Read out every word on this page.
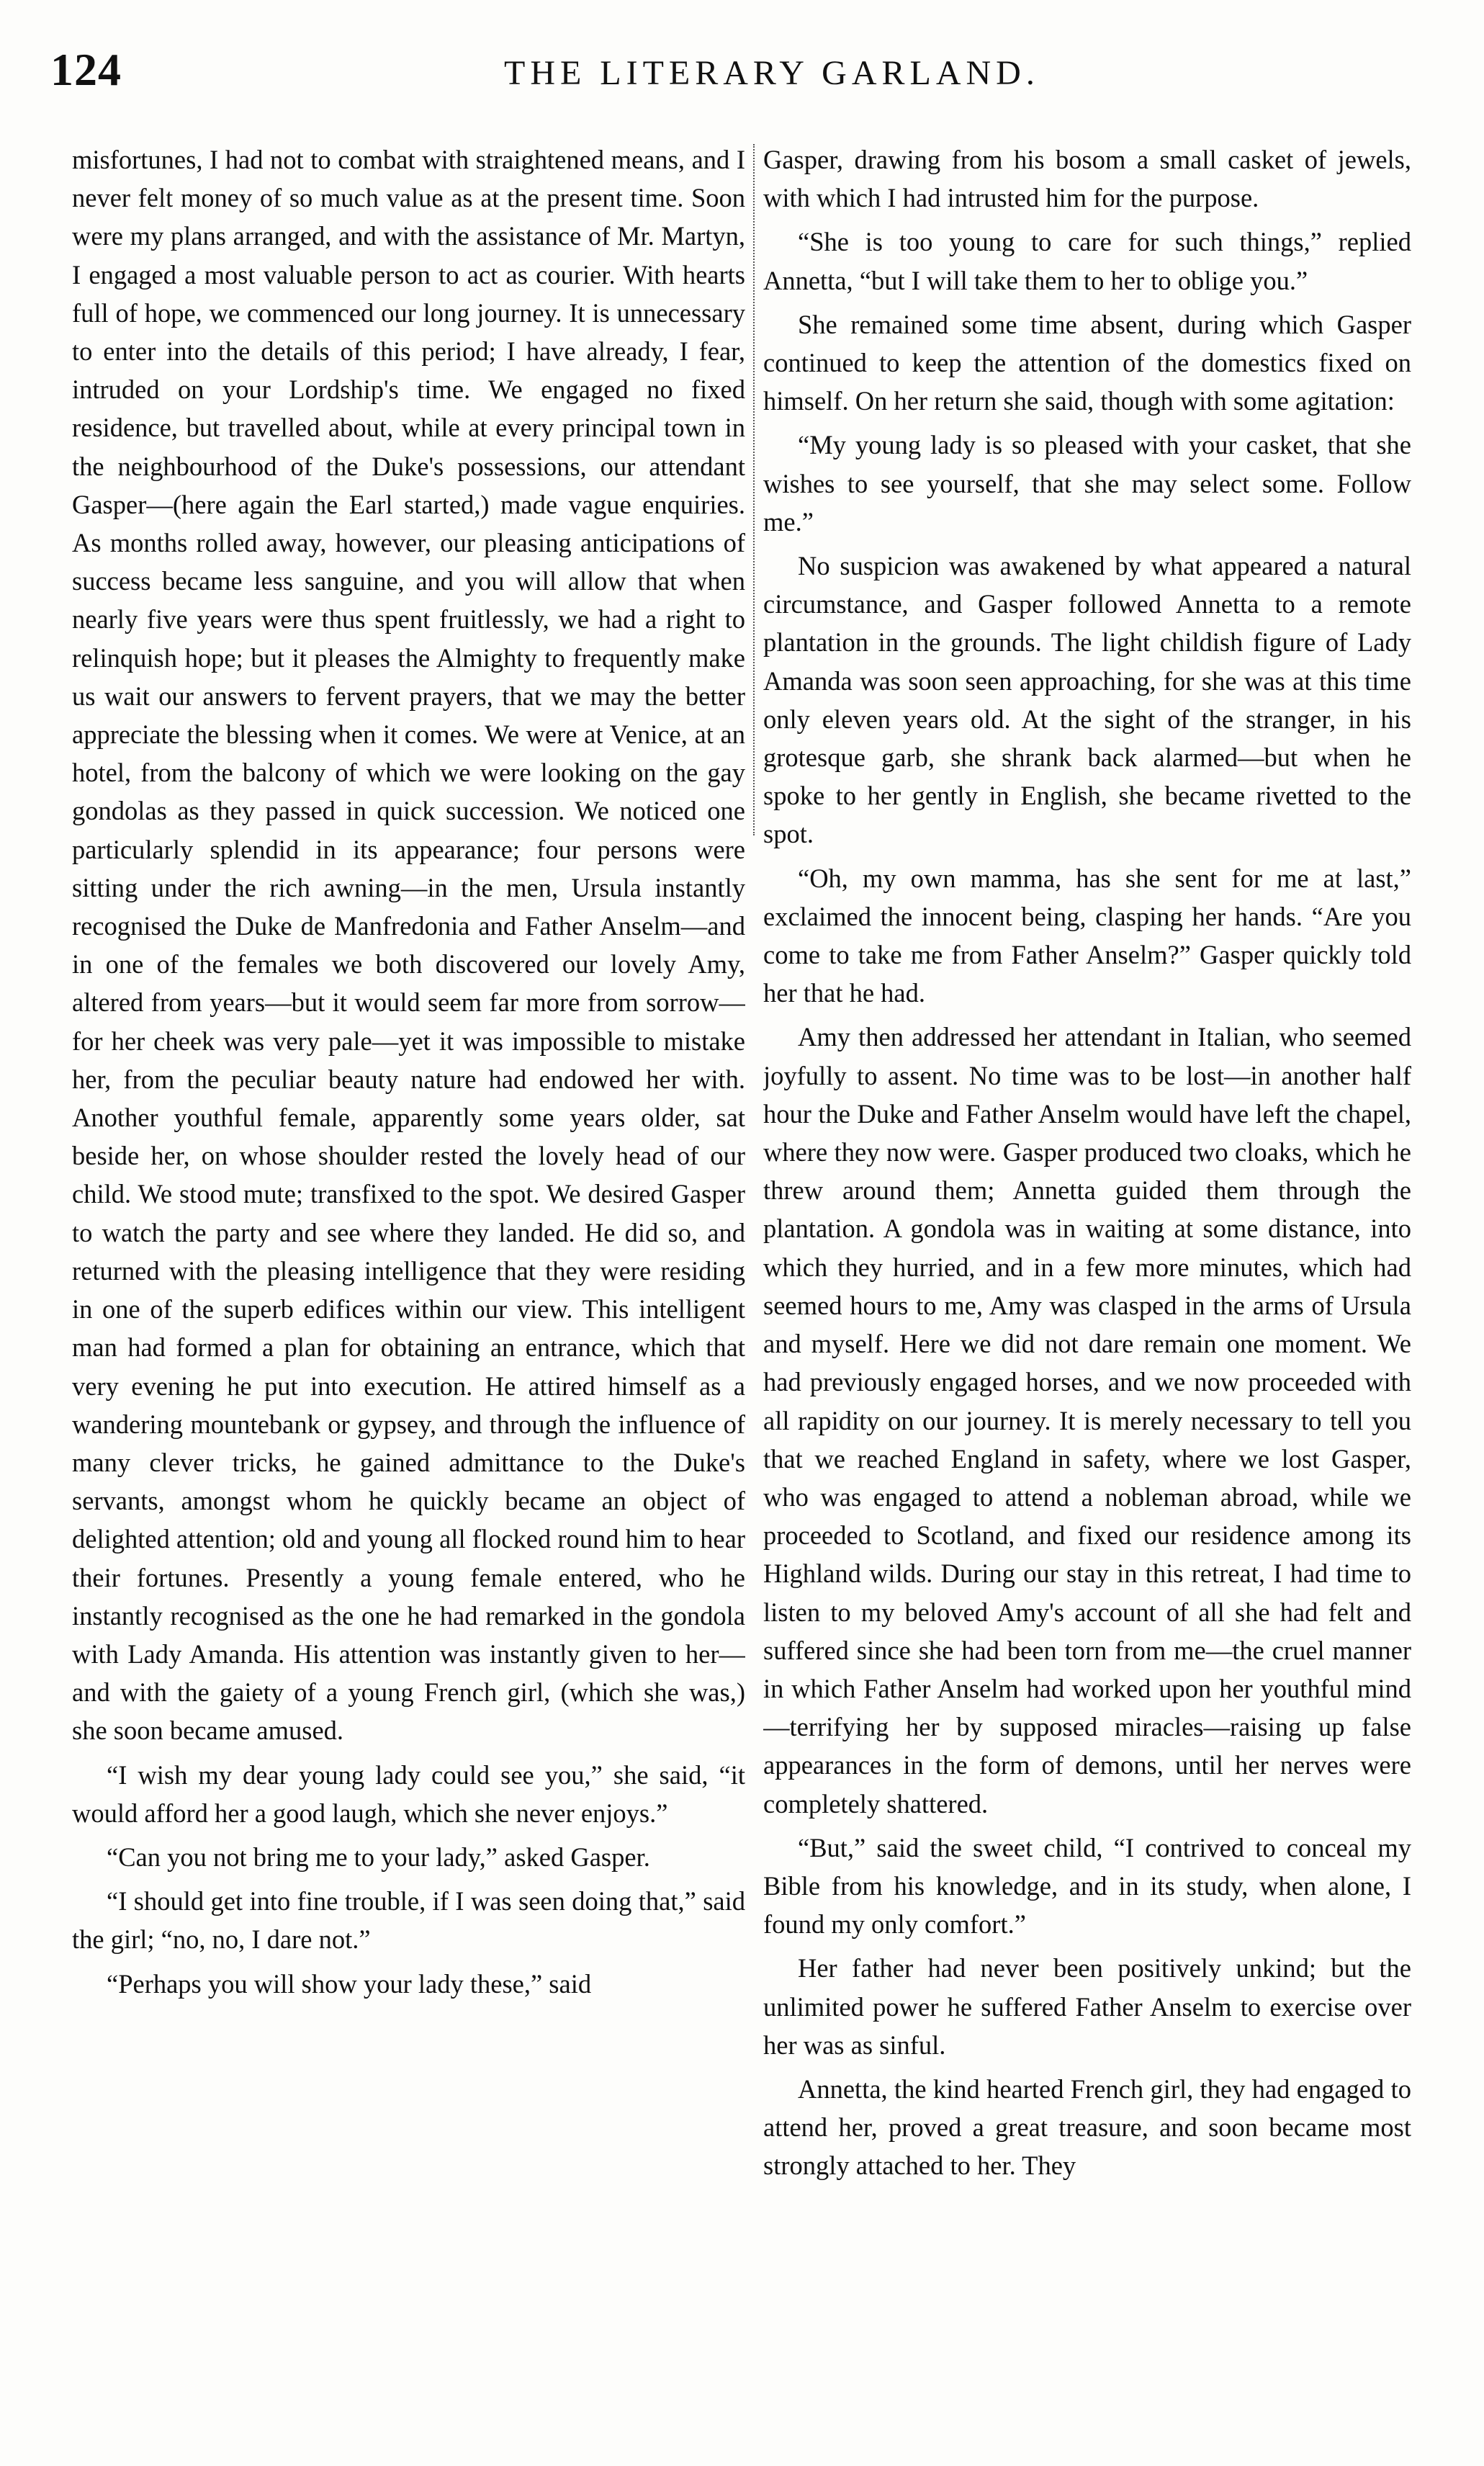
124	THE LITERARY GARLAND.

misfortunes, I had not to combat with straightened means, and I never felt money of so much value as at the present time. Soon were my plans arranged, and with the assistance of Mr. Martyn, I engaged a most valuable person to act as courier. With hearts full of hope, we commenced our long journey. It is unnecessary to enter into the details of this period; I have already, I fear, intruded on your Lordship's time. We engaged no fixed residence, but travelled about, while at every principal town in the neighbourhood of the Duke's possessions, our attendant Gasper—(here again the Earl started,) made vague enquiries. As months rolled away, however, our pleasing anticipations of success became less sanguine, and you will allow that when nearly five years were thus spent fruitlessly, we had a right to relinquish hope; but it pleases the Almighty to frequently make us wait our answers to fervent prayers, that we may the better appreciate the blessing when it comes. We were at Venice, at an hotel, from the balcony of which we were looking on the gay gondolas as they passed in quick succession. We noticed one particularly splendid in its appearance; four persons were sitting under the rich awning—in the men, Ursula instantly recognised the Duke de Manfredonia and Father Anselm—and in one of the females we both discovered our lovely Amy, altered from years—but it would seem far more from sorrow—for her cheek was very pale—yet it was impossible to mistake her, from the peculiar beauty nature had endowed her with. Another youthful female, apparently some years older, sat beside her, on whose shoulder rested the lovely head of our child. We stood mute; transfixed to the spot. We desired Gasper to watch the party and see where they landed. He did so, and returned with the pleasing intelligence that they were residing in one of the superb edifices within our view. This intelligent man had formed a plan for obtaining an entrance, which that very evening he put into execution. He attired himself as a wandering mountebank or gypsey, and through the influence of many clever tricks, he gained admittance to the Duke's servants, amongst whom he quickly became an object of delighted attention; old and young all flocked round him to hear their fortunes. Presently a young female entered, who he instantly recognised as the one he had remarked in the gondola with Lady Amanda. His attention was instantly given to her—and with the gaiety of a young French girl, (which she was,) she soon became amused.

“I wish my dear young lady could see you,” she said, “it would afford her a good laugh, which she never enjoys.”

“Can you not bring me to your lady,” asked Gasper.

“I should get into fine trouble, if I was seen doing that,” said the girl; “no, no, I dare not.”

“Perhaps you will show your lady these,” said

Gasper, drawing from his bosom a small casket of jewels, with which I had intrusted him for the purpose.

“She is too young to care for such things,” replied Annetta, “but I will take them to her to oblige you.”

She remained some time absent, during which Gasper continued to keep the attention of the domestics fixed on himself. On her return she said, though with some agitation:

“My young lady is so pleased with your casket, that she wishes to see yourself, that she may select some. Follow me.”

No suspicion was awakened by what appeared a natural circumstance, and Gasper followed Annetta to a remote plantation in the grounds. The light childish figure of Lady Amanda was soon seen approaching, for she was at this time only eleven years old. At the sight of the stranger, in his grotesque garb, she shrank back alarmed—but when he spoke to her gently in English, she became rivetted to the spot.

“Oh, my own mamma, has she sent for me at last,” exclaimed the innocent being, clasping her hands. “Are you come to take me from Father Anselm?” Gasper quickly told her that he had.

Amy then addressed her attendant in Italian, who seemed joyfully to assent. No time was to be lost—in another half hour the Duke and Father Anselm would have left the chapel, where they now were. Gasper produced two cloaks, which he threw around them; Annetta guided them through the plantation. A gondola was in waiting at some distance, into which they hurried, and in a few more minutes, which had seemed hours to me, Amy was clasped in the arms of Ursula and myself. Here we did not dare remain one moment. We had previously engaged horses, and we now proceeded with all rapidity on our journey. It is merely necessary to tell you that we reached England in safety, where we lost Gasper, who was engaged to attend a nobleman abroad, while we proceeded to Scotland, and fixed our residence among its Highland wilds. During our stay in this retreat, I had time to listen to my beloved Amy's account of all she had felt and suffered since she had been torn from me—the cruel manner in which Father Anselm had worked upon her youthful mind—terrifying her by supposed miracles—raising up false appearances in the form of demons, until her nerves were completely shattered.

“But,” said the sweet child, “I contrived to conceal my Bible from his knowledge, and in its study, when alone, I found my only comfort.”

Her father had never been positively unkind; but the unlimited power he suffered Father Anselm to exercise over her was as sinful.

Annetta, the kind hearted French girl, they had engaged to attend her, proved a great treasure, and soon became most strongly attached to her. They
